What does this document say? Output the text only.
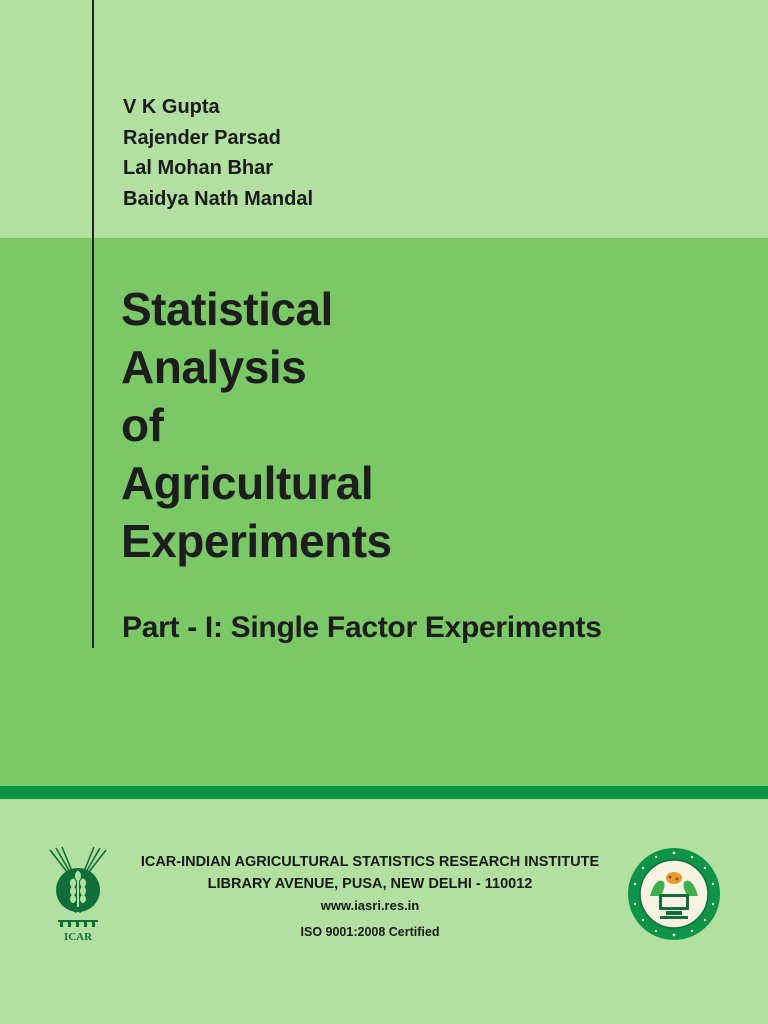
V K Gupta
Rajender Parsad
Lal Mohan Bhar
Baidya Nath Mandal
Statistical
Analysis
of
Agricultural
Experiments
Part - I: Single Factor Experiments
ICAR
ICAR-INDIAN AGRICULTURAL STATISTICS RESEARCH INSTITUTE
LIBRARY AVENUE, PUSA, NEW DELHI - 110012
www.iasri.res.in
ISO 9001:2008 Certified
